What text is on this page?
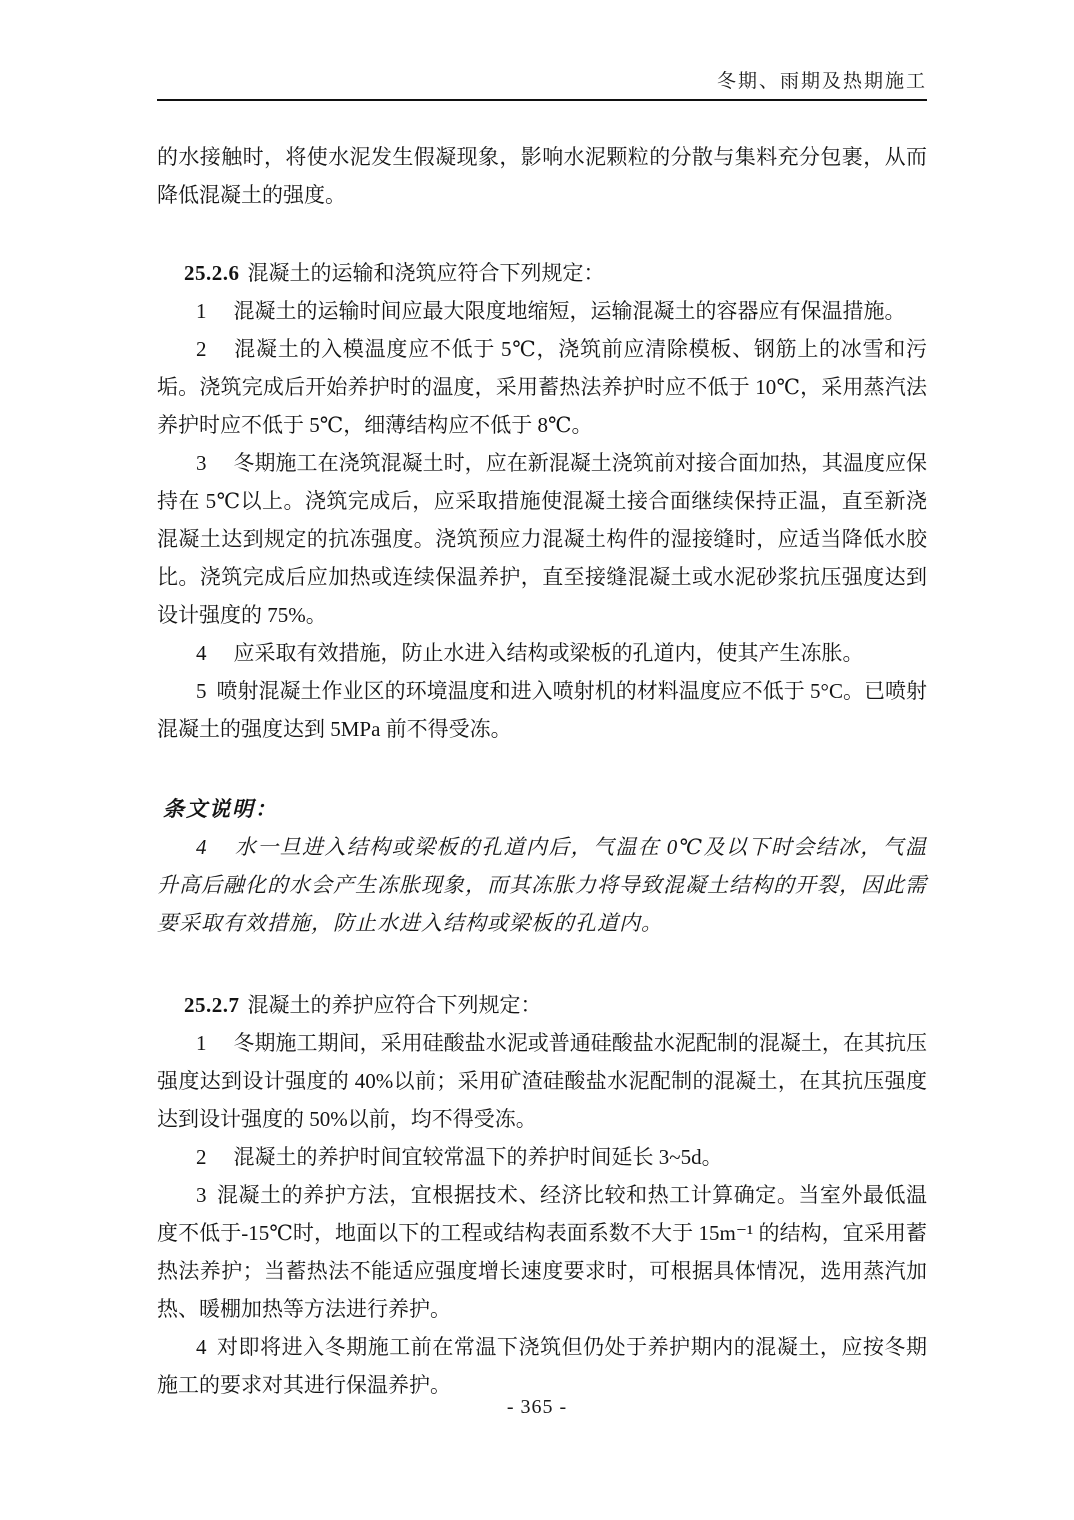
冬期、雨期及热期施工

的水接触时，将使水泥发生假凝现象，影响水泥颗粒的分散与集料充分包裹，从而降低混凝土的强度。

25.2.6 混凝土的运输和浇筑应符合下列规定：

1 混凝土的运输时间应最大限度地缩短，运输混凝土的容器应有保温措施。

2 混凝土的入模温度应不低于 5℃，浇筑前应清除模板、钢筋上的冰雪和污垢。浇筑完成后开始养护时的温度，采用蓄热法养护时应不低于 10℃，采用蒸汽法养护时应不低于 5℃，细薄结构应不低于 8℃。

3 冬期施工在浇筑混凝土时，应在新混凝土浇筑前对接合面加热，其温度应保持在 5℃以上。浇筑完成后，应采取措施使混凝土接合面继续保持正温，直至新浇混凝土达到规定的抗冻强度。浇筑预应力混凝土构件的湿接缝时，应适当降低水胶比。浇筑完成后应加热或连续保温养护，直至接缝混凝土或水泥砂浆抗压强度达到设计强度的 75%。

4 应采取有效措施，防止水进入结构或梁板的孔道内，使其产生冻胀。

5 喷射混凝土作业区的环境温度和进入喷射机的材料温度应不低于 5°C。已喷射混凝土的强度达到 5MPa 前不得受冻。

条文说明：

4 水一旦进入结构或梁板的孔道内后，气温在 0℃及以下时会结冰，气温升高后融化的水会产生冻胀现象，而其冻胀力将导致混凝土结构的开裂，因此需要采取有效措施，防止水进入结构或梁板的孔道内。

25.2.7 混凝土的养护应符合下列规定：

1 冬期施工期间，采用硅酸盐水泥或普通硅酸盐水泥配制的混凝土，在其抗压强度达到设计强度的 40%以前；采用矿渣硅酸盐水泥配制的混凝土，在其抗压强度达到设计强度的 50%以前，均不得受冻。

2 混凝土的养护时间宜较常温下的养护时间延长 3~5d。

3 混凝土的养护方法，宜根据技术、经济比较和热工计算确定。当室外最低温度不低于-15℃时，地面以下的工程或结构表面系数不大于 15m⁻¹ 的结构，宜采用蓄热法养护；当蓄热法不能适应强度增长速度要求时，可根据具体情况，选用蒸汽加热、暖棚加热等方法进行养护。

4 对即将进入冬期施工前在常温下浇筑但仍处于养护期内的混凝土，应按冬期施工的要求对其进行保温养护。

- 365 -
